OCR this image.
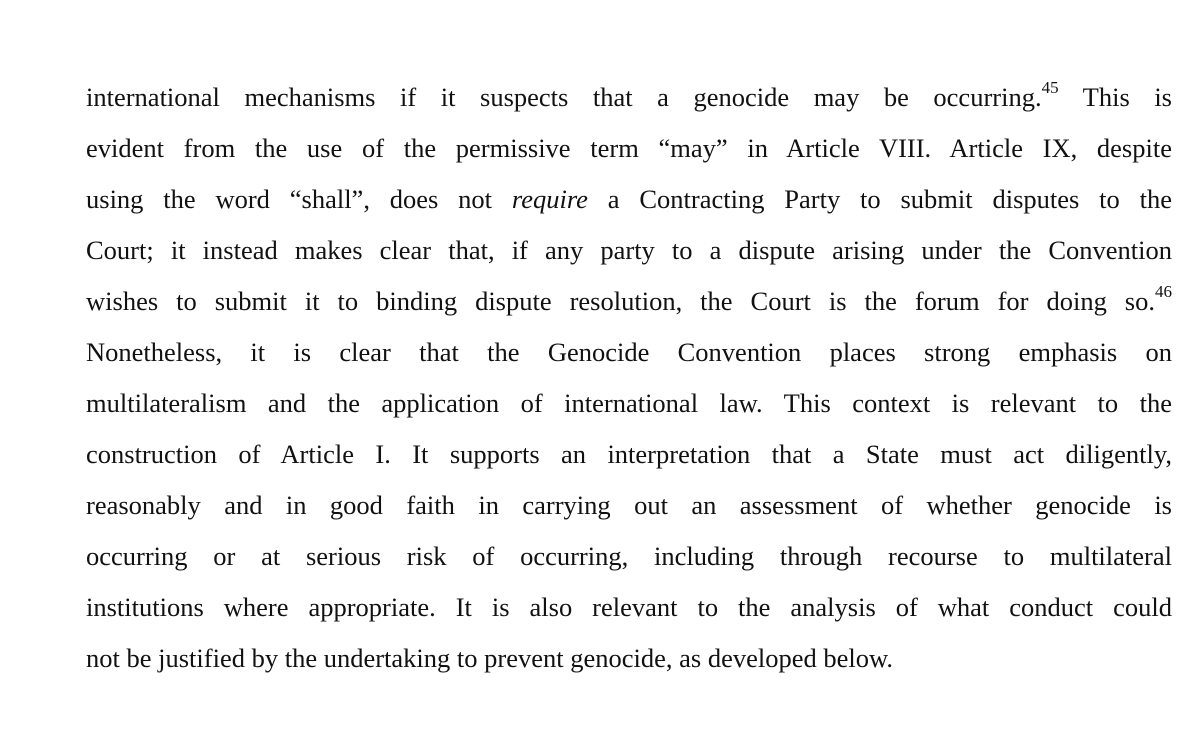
international mechanisms if it suspects that a genocide may be occurring.$^{45}$ This is
evident from the use of the permissive term “may” in Article VIII. Article IX, despite
using the word “shall”, does not require a Contracting Party to submit disputes to the
Court; it instead makes clear that, if any party to a dispute arising under the Convention
wishes to submit it to binding dispute resolution, the Court is the forum for doing so.$^{46}$
Nonetheless, it is clear that the Genocide Convention places strong emphasis on
multilateralism and the application of international law. This context is relevant to the
construction of Article I. It supports an interpretation that a State must act diligently,
reasonably and in good faith in carrying out an assessment of whether genocide is
occurring or at serious risk of occurring, including through recourse to multilateral
institutions where appropriate. It is also relevant to the analysis of what conduct could
not be justified by the undertaking to prevent genocide, as developed below.
